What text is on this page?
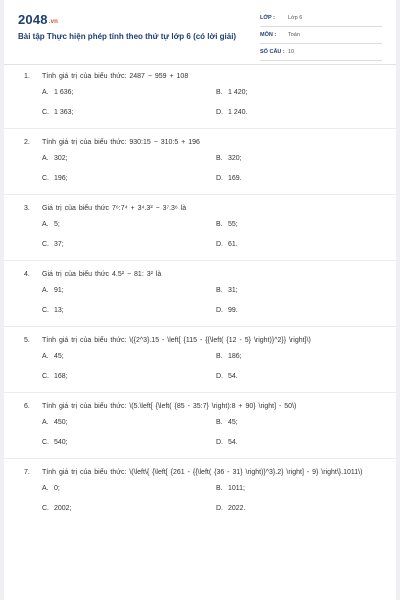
2048.vn
Bài tập Thực hiện phép tính theo thứ tự lớp 6 (có lời giải)
LỚP : Lớp 6
MÔN : Toán
SỐ CÂU : 10
1. Tính giá trị của biểu thức: 2487 − 959 + 108
A. 1 636;	B. 1 420;
C. 1 363;	D. 1 240.
2. Tính giá trị của biểu thức: 930:15 − 310:5 + 196
A. 302;	B. 320;
C. 196;	D. 169.
3. Giá trị của biểu thức 7⁶:7⁴ + 3⁴.3² − 3⁷.3⁶ là
A. 5;	B. 55;
C. 37;	D. 61.
4. Giá trị của biểu thức 4.5² − 81: 3² là
A. 91;	B. 31;
C. 13;	D. 99.
5. Tính giá trị của biểu thức: \({2^3}.15 - \left[ {115 - {{\left( {12 - 5} \right)}^2}} \right]\)
A. 45;	B. 186;
C. 168;	D. 54.
6. Tính giá trị của biểu thức: \(5.\left[ {\left( {85 - 35:7} \right):8 + 90} \right] - 50\)
A. 450;	B. 45;
C. 540;	D. 54.
7. Tính giá trị của biểu thức: \(\left\{ {\left[ {261 - {{\left( {36 - 31} \right)}^3}.2} \right] - 9} \right\}.1011\)
A. 0;	B. 1011;
C. 2002;	D. 2022.
